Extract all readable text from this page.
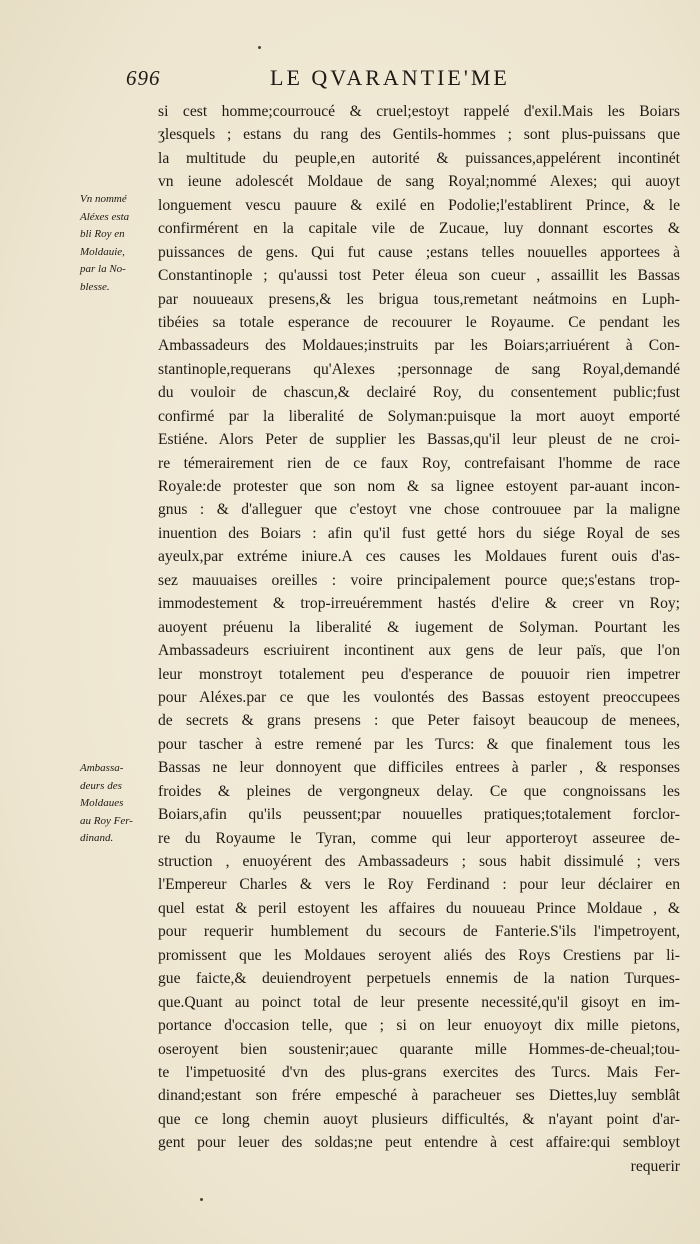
696	LE QVARANTIE'ME
Vn nommé
Aléxes esta
bli Roy en
Moldauie,
par la No-
blesse.
Ambassa-
deurs des
Moldaues
au Roy Fer-
dinand.
si cest homme;courroucé & cruel;estoyt rappelé d'exil.Mais les Boiars
ʒlesquels ; estans du rang des Gentils-hommes ; sont plus-puissans que
la multitude du peuple,en autorité & puissances,appelérent incontinét
vn ieune adolescét Moldaue de sang Royal;nommé Alexes; qui auoyt
longuement vescu pauure & exilé en Podolie;l'establirent Prince, & le
confirmérent en la capitale vile de Zucaue, luy donnant escortes &
puissances de gens. Qui fut cause ;estans telles nouuelles apportees à
Constantinople ; qu'aussi tost Peter éleua son cueur , assaillit les Bassas
par nouueaux presens,& les brigua tous,remetant neátmoins en Luph-
tibéies sa totale esperance de recouurer le Royaume. Ce pendant les
Ambassadeurs des Moldaues;instruits par les Boiars;arriuérent à Con-
stantinople,requerans qu'Alexes ;personnage de sang Royal,demandé
du vouloir de chascun,& declairé Roy, du consentement public;fust
confirmé par la liberalité de Solyman:puisque la mort auoyt emporté
Estiéne. Alors Peter de supplier les Bassas,qu'il leur pleust de ne croi-
re témerairement rien de ce faux Roy, contrefaisant l'homme de race
Royale:de protester que son nom & sa lignee estoyent par-auant incon-
gnus : & d'alleguer que c'estoyt vne chose controuuee par la maligne
inuention des Boiars : afin qu'il fust getté hors du siége Royal de ses
ayeulx,par extréme iniure.A ces causes les Moldaues furent ouis d'as-
sez mauuaises oreilles : voire principalement pource que;s'estans trop-
immodestement & trop-irreuéremment hastés d'elire & creer vn Roy;
auoyent préuenu la liberalité & iugement de Solyman. Pourtant les
Ambassadeurs escriuirent incontinent aux gens de leur païs, que l'on
leur monstroyt totalement peu d'esperance de pouuoir rien impetrer
pour Aléxes.par ce que les voulontés des Bassas estoyent preoccupees
de secrets & grans presens : que Peter faisoyt beaucoup de menees,
pour tascher à estre remené par les Turcs: & que finalement tous les
Bassas ne leur donnoyent que difficiles entrees à parler , & responses
froides & pleines de vergongneux delay. Ce que congnoissans les
Boiars,afin qu'ils peussent;par nouuelles pratiques;totalement forclor-
re du Royaume le Tyran, comme qui leur apporteroyt asseuree de-
struction , enuoyérent des Ambassadeurs ; sous habit dissimulé ; vers
l'Empereur Charles & vers le Roy Ferdinand : pour leur déclairer en
quel estat & peril estoyent les affaires du nouueau Prince Moldaue , &
pour requerir humblement du secours de Fanterie.S'ils l'impetroyent,
promissent que les Moldaues seroyent aliés des Roys Crestiens par li-
gue faicte,& deuiendroyent perpetuels ennemis de la nation Turques-
que.Quant au poinct total de leur presente necessité,qu'il gisoyt en im-
portance d'occasion telle, que ; si on leur enuoyoyt dix mille pietons,
oseroyent bien soustenir;auec quarante mille Hommes-de-cheual;tou-
te l'impetuosité d'vn des plus-grans exercites des Turcs. Mais Fer-
dinand;estant son frére empesché à paracheuer ses Diettes,luy semblât
que ce long chemin auoyt plusieurs difficultés, & n'ayant point d'ar-
gent pour leuer des soldas;ne peut entendre à cest affaire:qui sembloyt
requerir
